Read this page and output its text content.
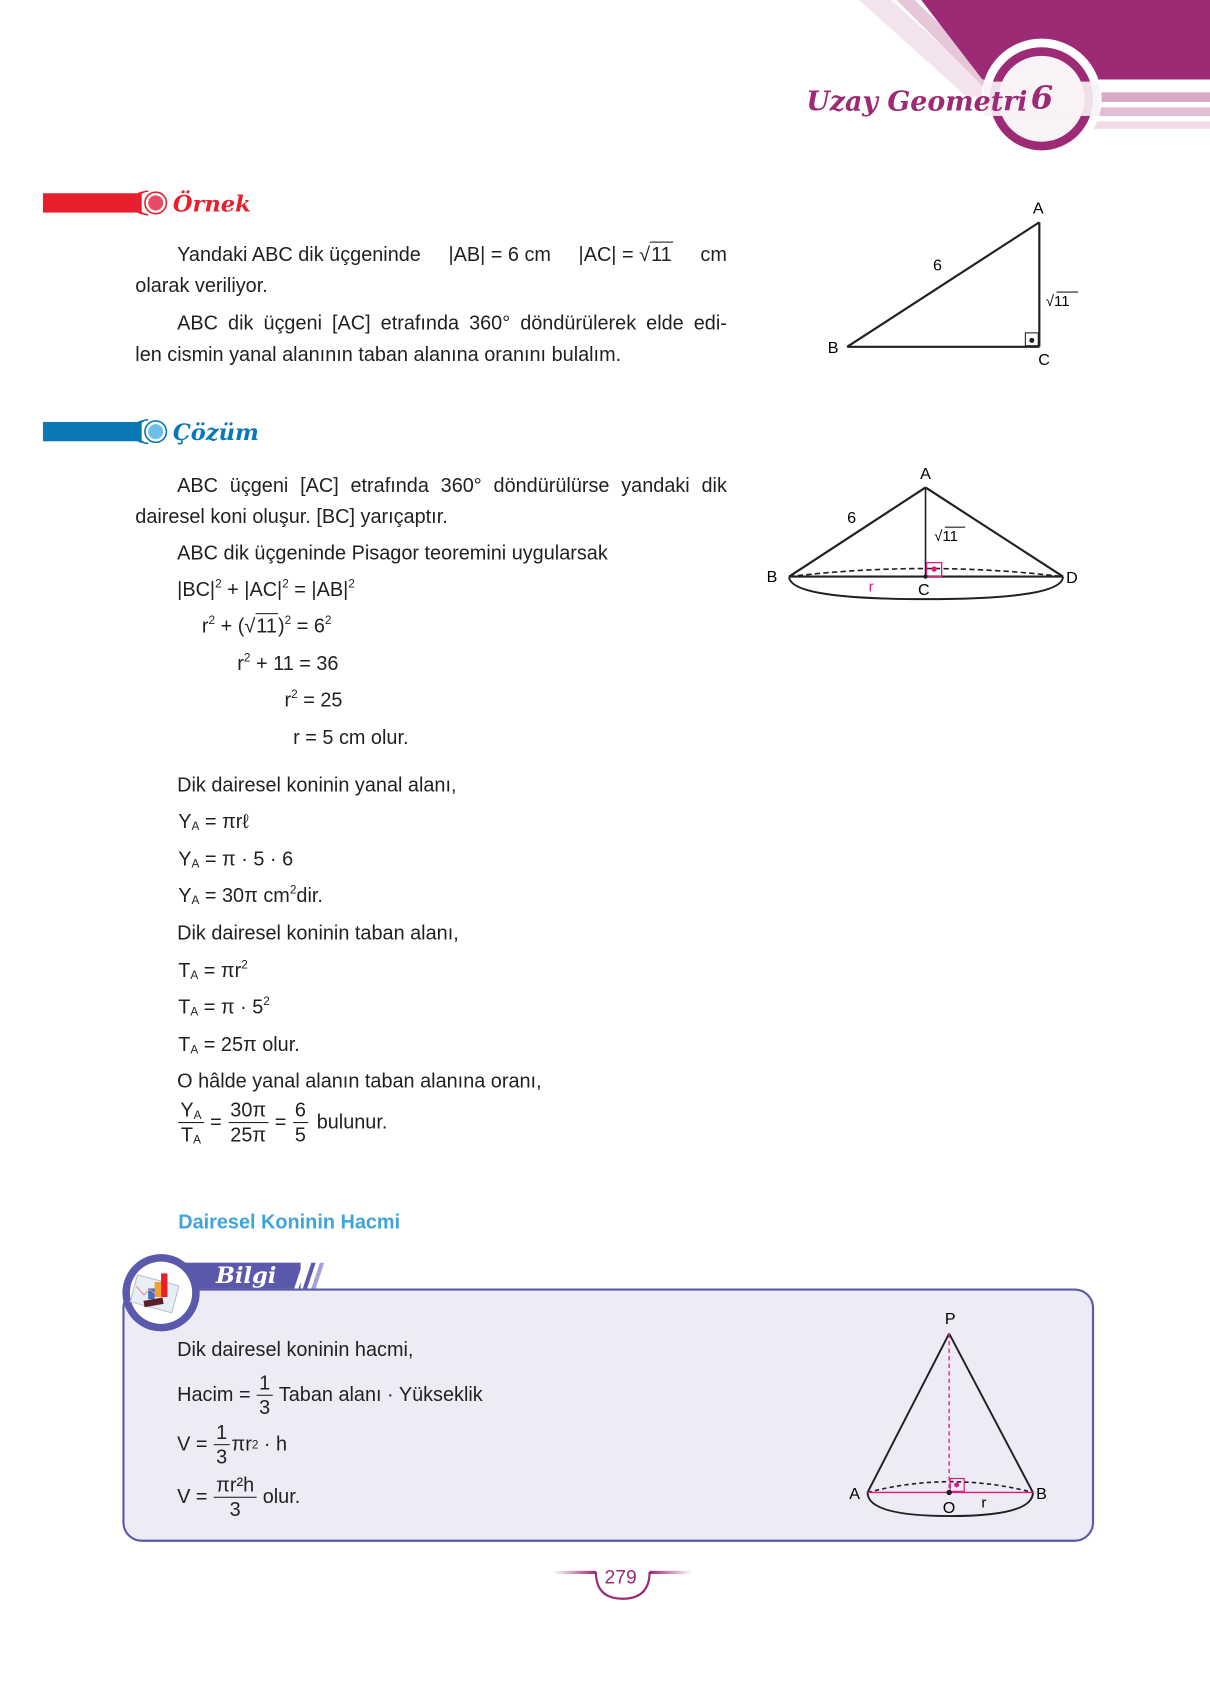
Uzay Geometri 6
Örnek
Yandaki ABC dik üçgeninde |AB| = 6 cm |AC| = √11 cm
olarak veriliyor.
ABC dik üçgeni [AC] etrafında 360° döndürülerek elde edi-
len cismin yanal alanının taban alanına oranını bulalım.
A
B
C
6
√11
Çözüm
ABC üçgeni [AC] etrafında 360° döndürülürse yandaki dik
dairesel koni oluşur. [BC] yarıçaptır.
ABC dik üçgeninde Pisagor teoremini uygularsak
$|BC|^2 + |AC|^2 = |AB|^2$
$r^2 + (√11)^2 = 6^2$
$r^2 + 11 = 36$
$r^2 = 25$
r = 5 cm olur.
Dik dairesel koninin yanal alanı,
$Y_A$ = πrℓ
$Y_A = \pi \cdot 5 \cdot 6$
$Y_A = 30\pi$ $cm^2dir$.
Dik dairesel koninin taban alanı,
$T_A = \pi r^2$
$T_A = \pi \cdot 5^2$
$T_A = 25\pi$ olur.
O hâlde yanal alanın taban alanına oranı,
$\frac{Y_A}{T_A} = \frac{30\pi}{25\pi} = \frac{6}{5}$ bulunur.
A
B
C
D
6
√11
r
Dairesel Koninin Hacmi
Bilgi
Dik dairesel koninin hacmi,
Hacim = $\frac{1}{3}$ Taban alanı · Yükseklik
$V = \frac{1}{3}$ πr 2
· h
$V = \frac{\text{πr²h}}{3}$ olur.
P
A	B
O r
279
